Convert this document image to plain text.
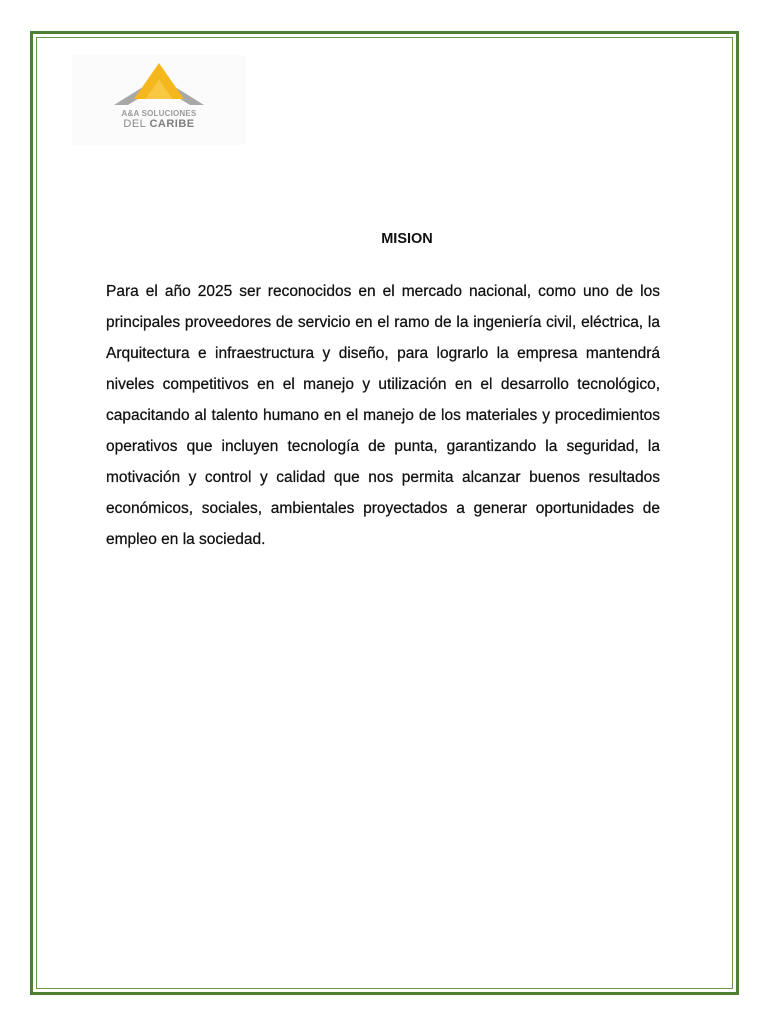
A&A SOLUCIONES
DEL CARIBE
MISION
Para el año 2025 ser reconocidos en el mercado nacional, como uno de los principales proveedores de servicio en el ramo de la ingeniería civil, eléctrica, la Arquitectura e infraestructura y diseño, para lograrlo la empresa mantendrá niveles competitivos en el manejo y utilización en el desarrollo tecnológico, capacitando al talento humano en el manejo de los materiales y procedimientos operativos que incluyen tecnología de punta, garantizando la seguridad, la motivación y control y calidad que nos permita alcanzar buenos resultados económicos, sociales, ambientales proyectados a generar oportunidades de empleo en la sociedad.
